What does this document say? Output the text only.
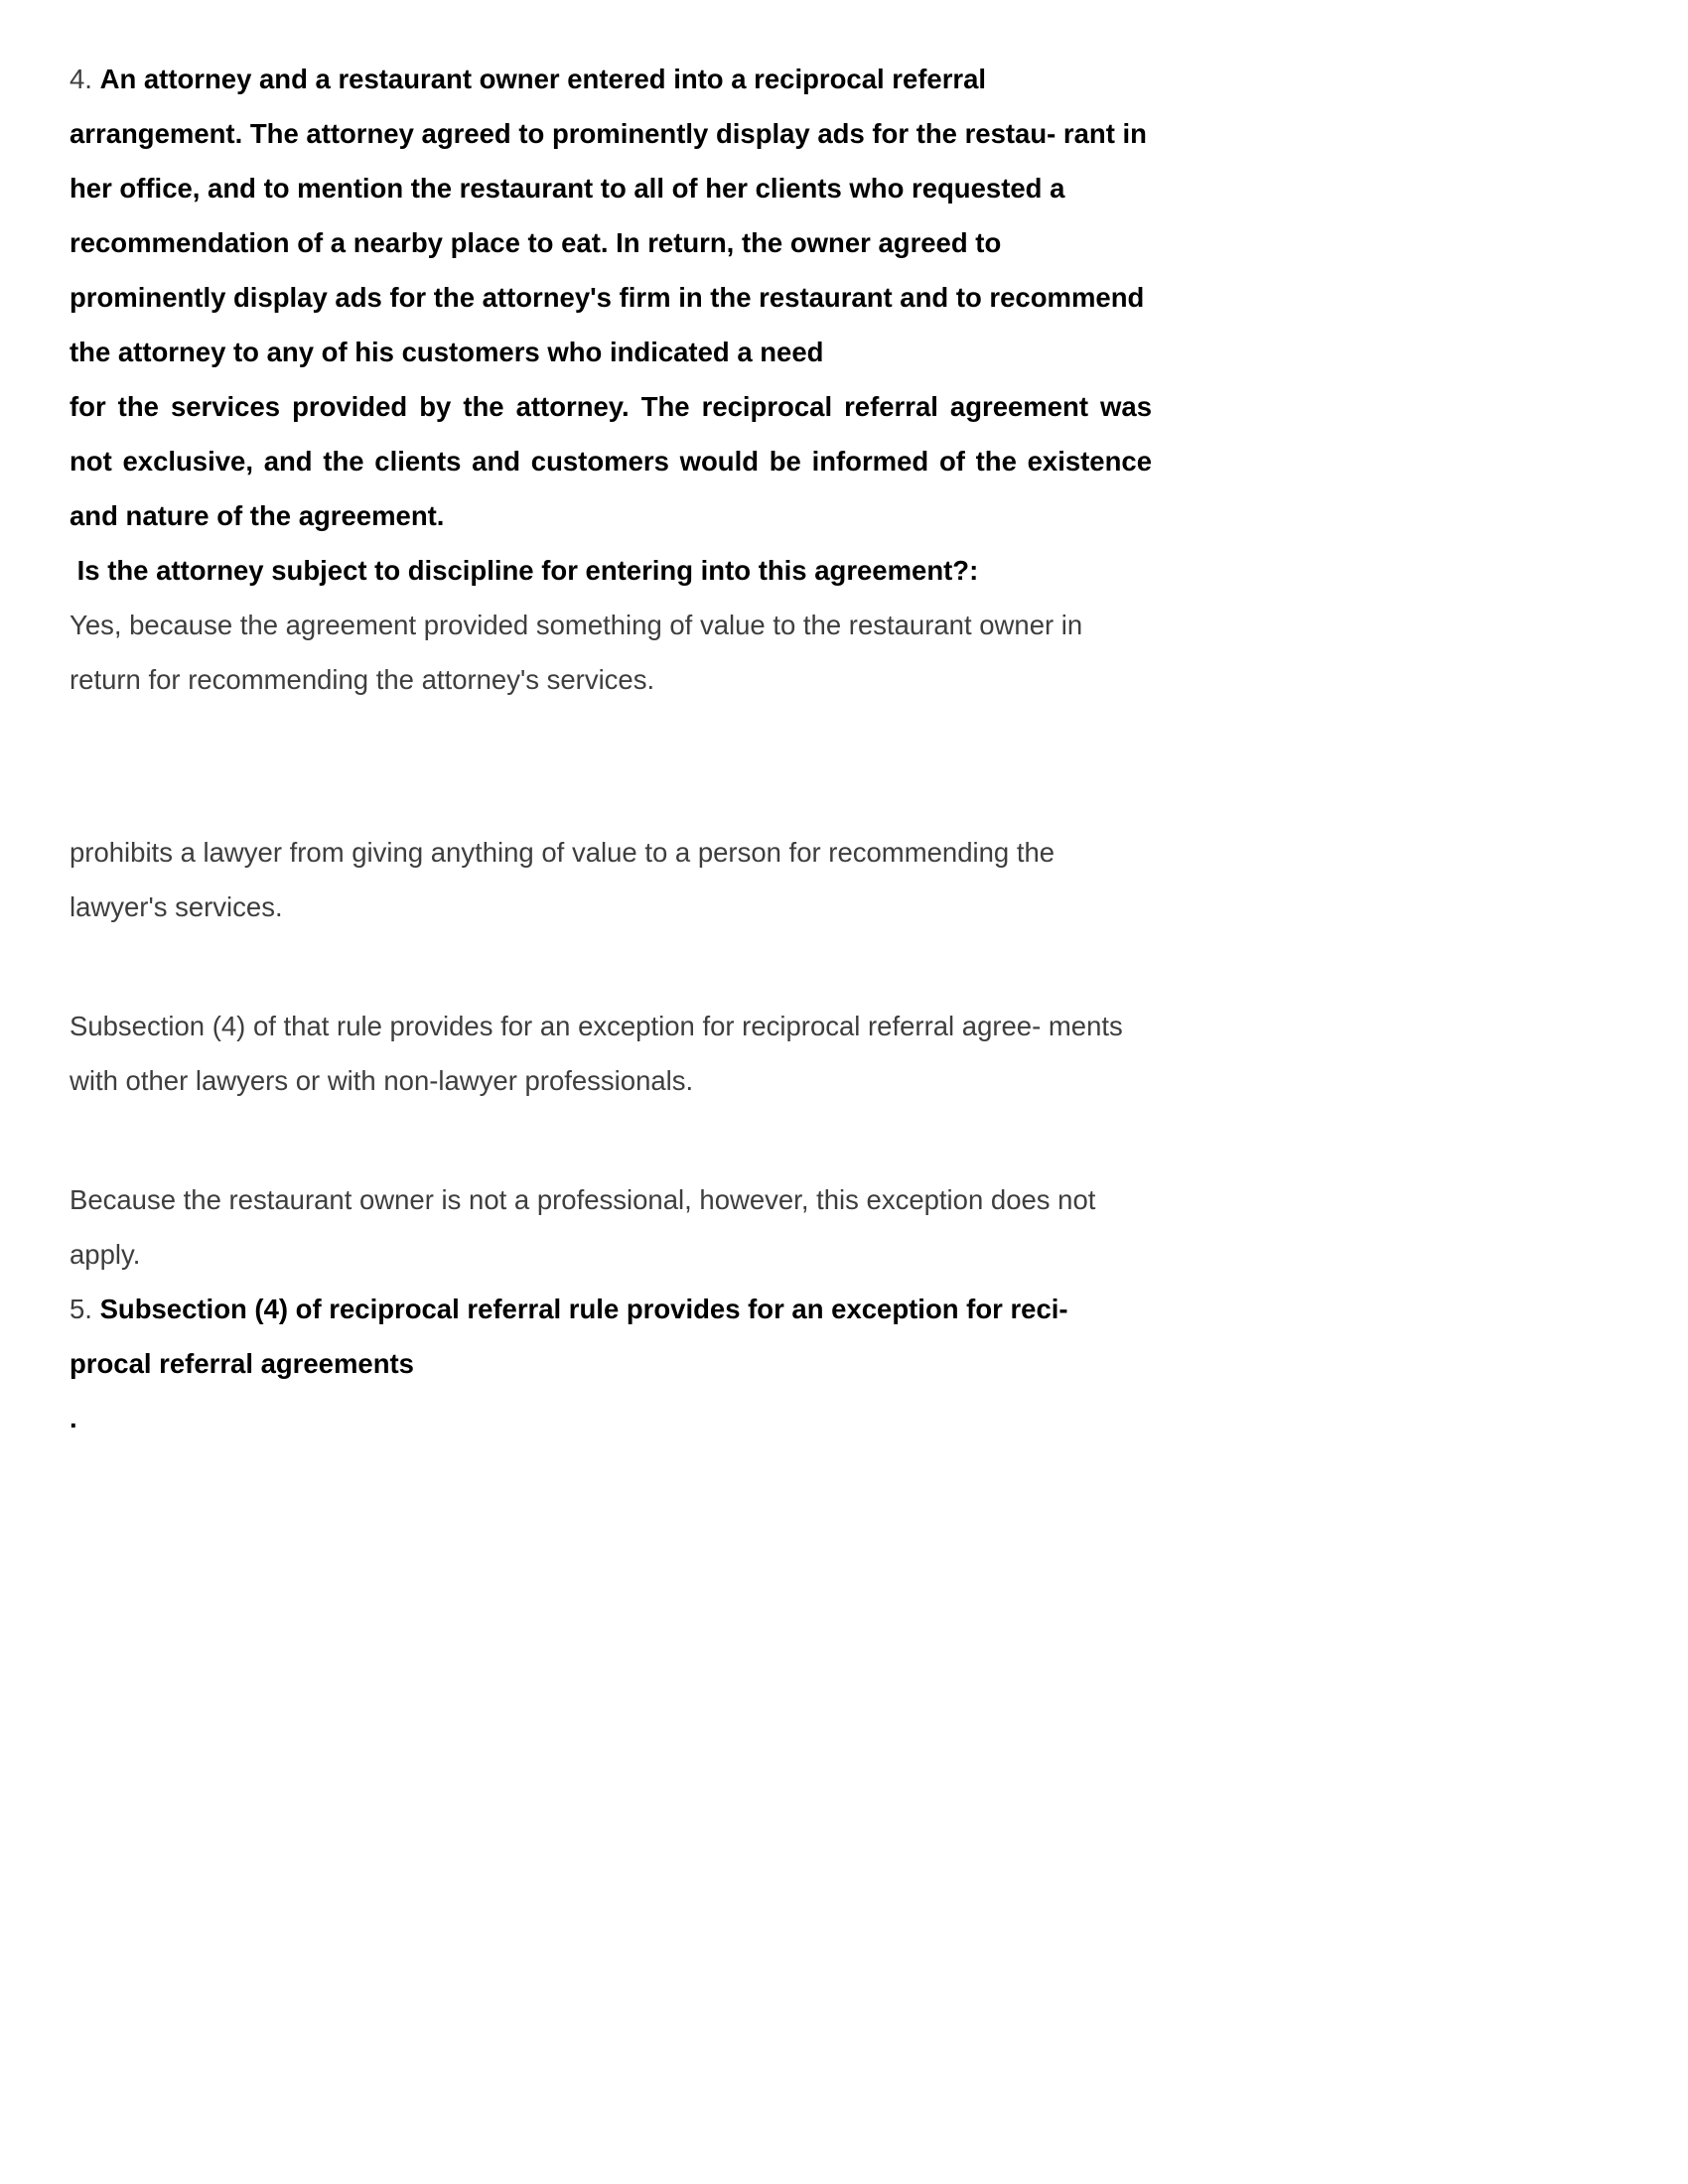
4. An attorney and a restaurant owner entered into a reciprocal referral arrangement. The attorney agreed to prominently display ads for the restau- rant in her office, and to mention the restaurant to all of her clients who requested a recommendation of a nearby place to eat. In return, the owner agreed to prominently display ads for the attorney's firm in the restaurant and to recommend the attorney to any of his customers who indicated a need

for the services provided by the attorney. The reciprocal referral agreement was not exclusive, and the clients and customers would be informed of the existence and nature of the agreement.

Is the attorney subject to discipline for entering into this agreement?:

Yes, because the agreement provided something of value to the restaurant owner in return for recommending the attorney's services.

prohibits a lawyer from giving anything of value to a person for recommending the lawyer's services.

Subsection (4) of that rule provides for an exception for reciprocal referral agree- ments with other lawyers or with non-lawyer professionals.

Because the restaurant owner is not a professional, however, this exception does not apply.

5. Subsection (4) of reciprocal referral rule provides for an exception for reci- procal referral agreements

.
